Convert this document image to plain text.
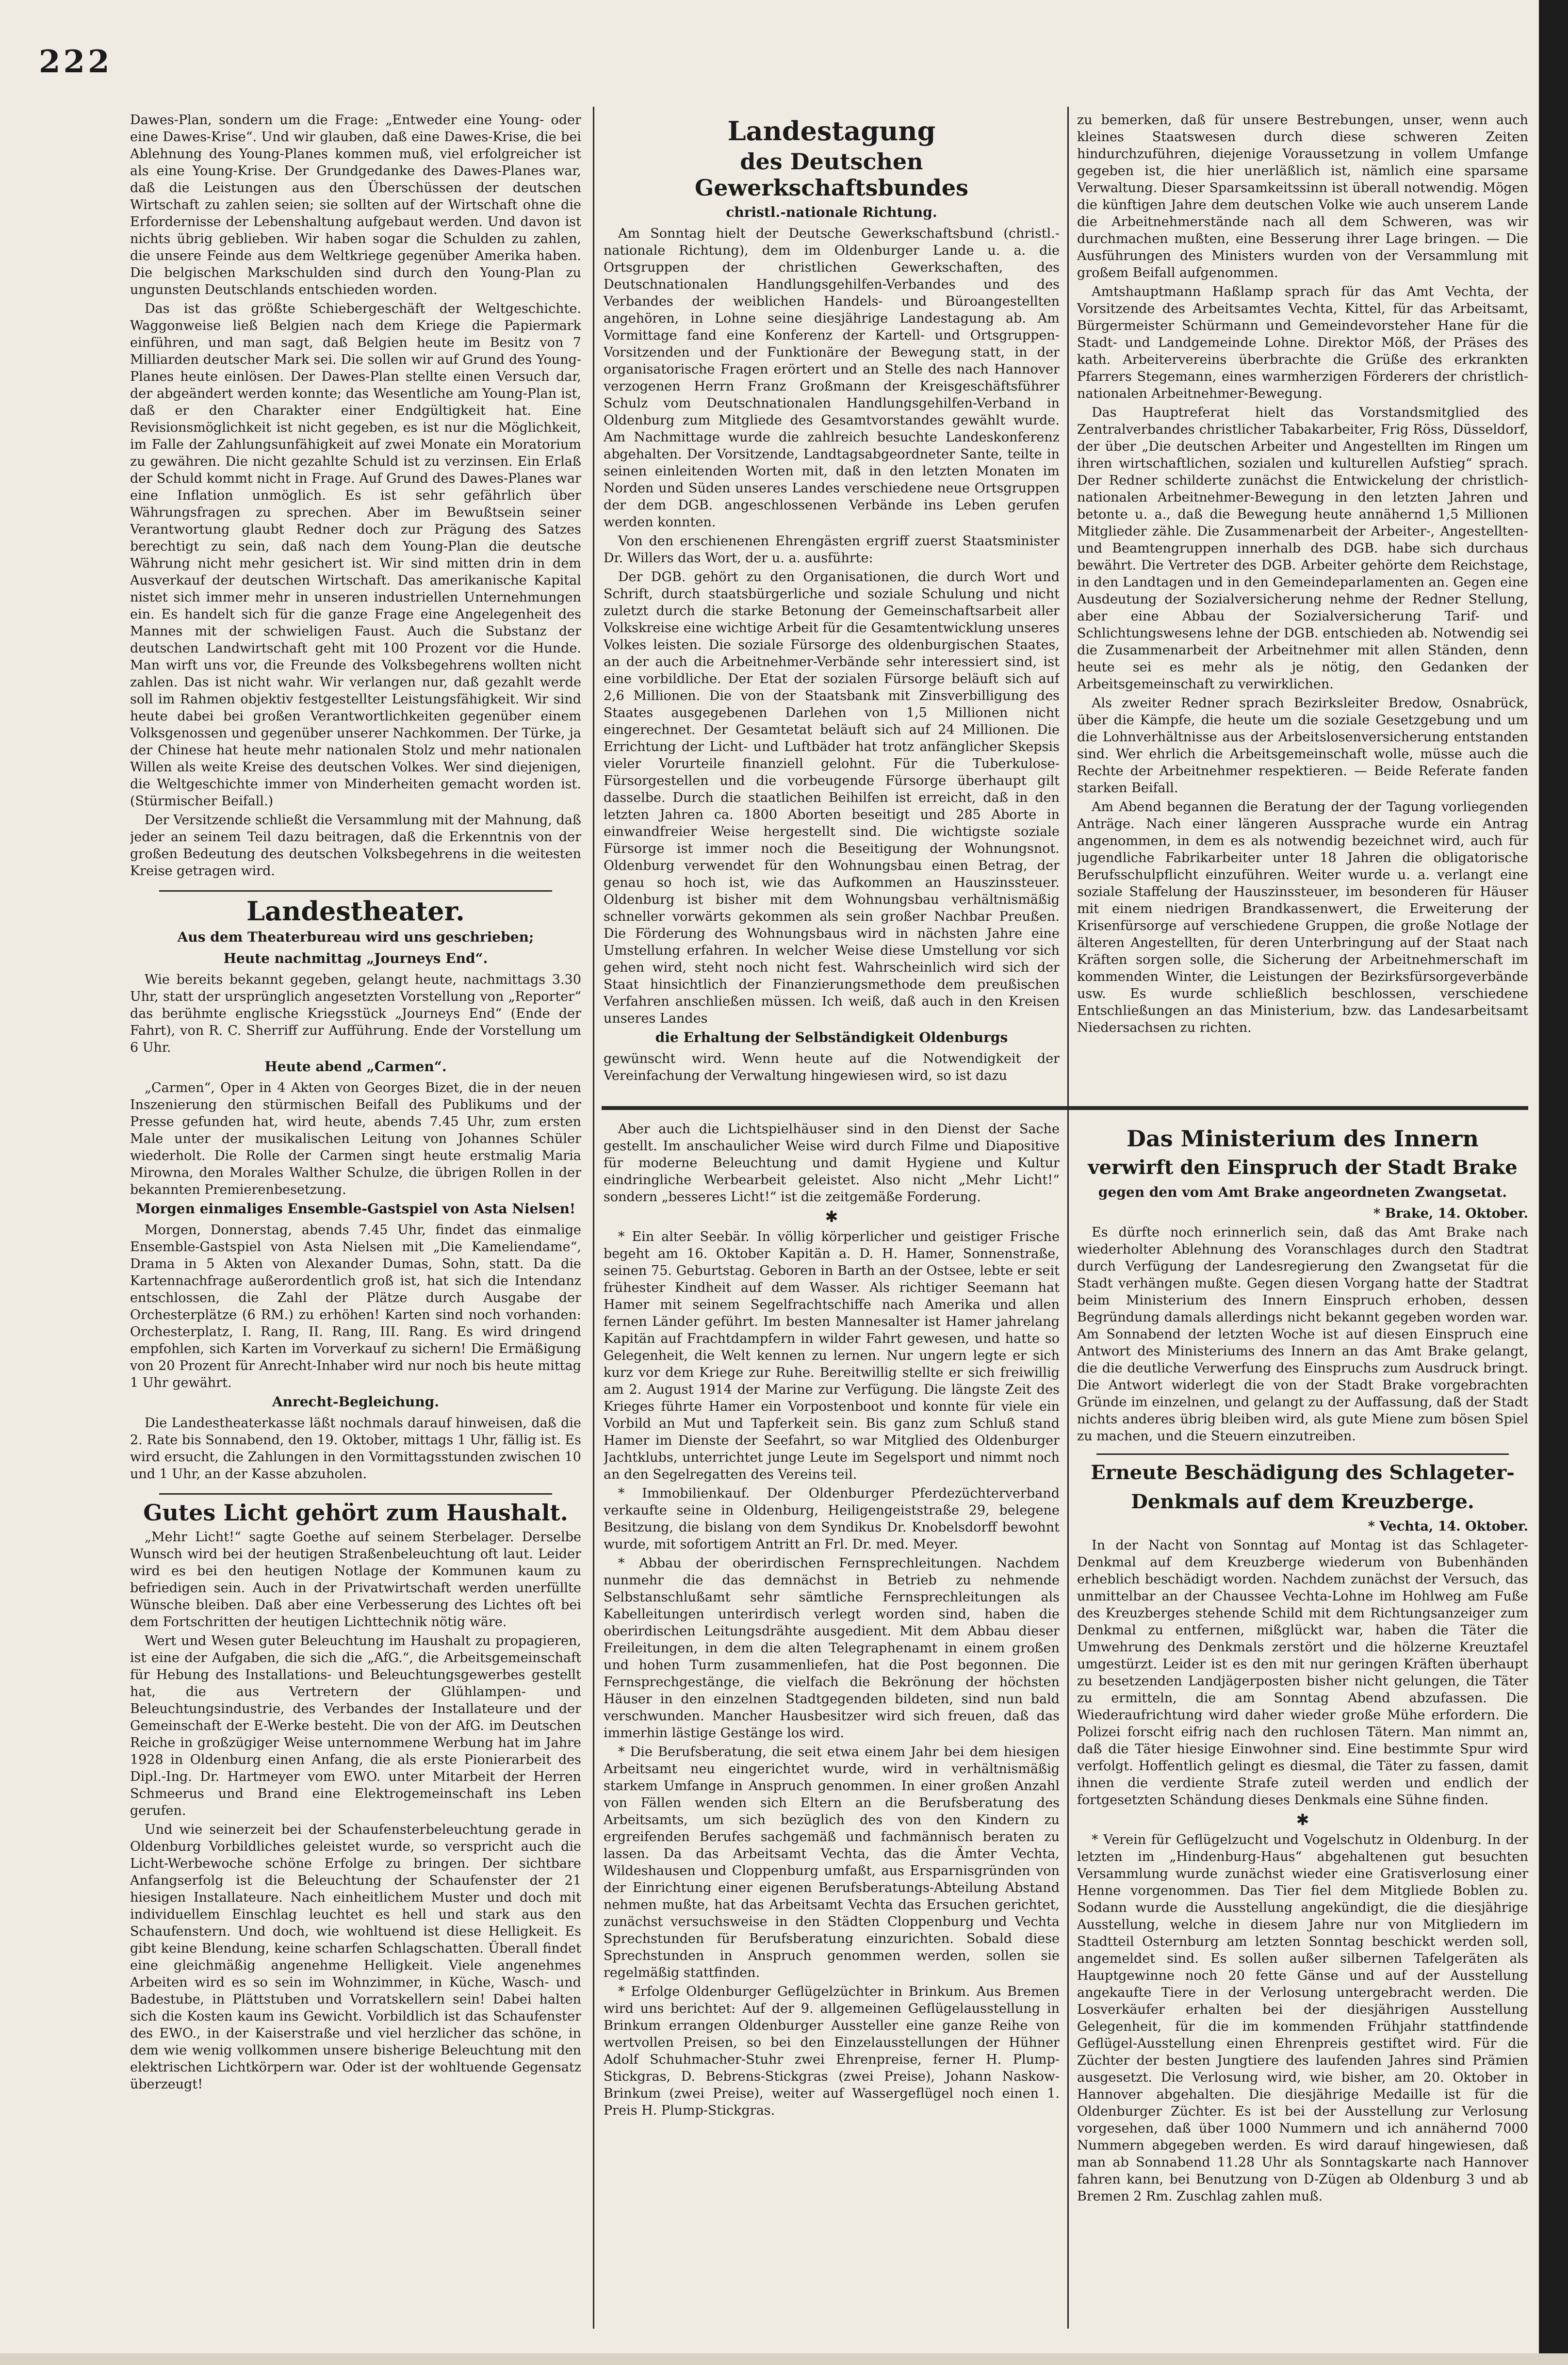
222

Dawes-Plan, sondern um die Frage: „Entweder eine Young- oder eine Dawes-Krise“. Und wir glauben, daß eine Dawes-Krise, die bei Ablehnung des Young-Planes kommen muß, viel erfolgreicher ist als eine Young-Krise. Der Grundgedanke des Dawes-Planes war, daß die Leistungen aus den Überschüssen der deutschen Wirtschaft zu zahlen seien; sie sollten auf der Wirtschaft ohne die Erfordernisse der Lebenshaltung aufgebaut werden. Und davon ist nichts übrig geblieben. Wir haben sogar die Schulden zu zahlen, die unsere Feinde aus dem Weltkriege gegenüber Amerika haben. Die belgischen Markschulden sind durch den Young-Plan zu ungunsten Deutschlands entschieden worden.

Das ist das größte Schiebergeschäft der Weltgeschichte. Waggonweise ließ Belgien nach dem Kriege die Papiermark einführen, und man sagt, daß Belgien heute im Besitz von 7 Milliarden deutscher Mark sei. Die sollen wir auf Grund des Young-Planes heute einlösen. Der Dawes-Plan stellte einen Versuch dar, der abgeändert werden konnte; das Wesentliche am Young-Plan ist, daß er den Charakter einer Endgültigkeit hat. Eine Revisionsmöglichkeit ist nicht gegeben, es ist nur die Möglichkeit, im Falle der Zahlungsunfähigkeit auf zwei Monate ein Moratorium zu gewähren. Die nicht gezahlte Schuld ist zu verzinsen. Ein Erlaß der Schuld kommt nicht in Frage. Auf Grund des Dawes-Planes war eine Inflation unmöglich. Es ist sehr gefährlich über Währungsfragen zu sprechen. Aber im Bewußtsein seiner Verantwortung glaubt Redner doch zur Prägung des Satzes berechtigt zu sein, daß nach dem Young-Plan die deutsche Währung nicht mehr gesichert ist. Wir sind mitten drin in dem Ausverkauf der deutschen Wirtschaft. Das amerikanische Kapital nistet sich immer mehr in unseren industriellen Unternehmungen ein. Es handelt sich für die ganze Frage eine Angelegenheit des Mannes mit der schwieligen Faust. Auch die Substanz der deutschen Landwirtschaft geht mit 100 Prozent vor die Hunde. Man wirft uns vor, die Freunde des Volksbegehrens wollten nicht zahlen. Das ist nicht wahr. Wir verlangen nur, daß gezahlt werde soll im Rahmen objektiv festgestellter Leistungsfähigkeit. Wir sind heute dabei bei großen Verantwortlichkeiten gegenüber einem Volksgenossen und gegenüber unserer Nachkommen. Der Türke, ja der Chinese hat heute mehr nationalen Stolz und mehr nationalen Willen als weite Kreise des deutschen Volkes. Wer sind diejenigen, die Weltgeschichte immer von Minderheiten gemacht worden ist. (Stürmischer Beifall.)

Der Versitzende schließt die Versammlung mit der Mahnung, daß jeder an seinem Teil dazu beitragen, daß die Erkenntnis von der großen Bedeutung des deutschen Volksbegehrens in die weitesten Kreise getragen wird.

Landestheater.
Aus dem Theaterbureau wird uns geschrieben;
Heute nachmittag „Journeys End“.

Wie bereits bekannt gegeben, gelangt heute, nachmittags 3.30 Uhr, statt der ursprünglich angesetzten Vorstellung von „Reporter“ das berühmte englische Kriegsstück „Journeys End“ (Ende der Fahrt), von R. C. Sherriff zur Aufführung. Ende der Vorstellung um 6 Uhr.

Heute abend „Carmen“.

„Carmen“, Oper in 4 Akten von Georges Bizet, die in der neuen Inszenierung den stürmischen Beifall des Publikums und der Presse gefunden hat, wird heute, abends 7.45 Uhr, zum ersten Male unter der musikalischen Leitung von Johannes Schüler wiederholt. Die Rolle der Carmen singt heute erstmalig Maria Mirowna, den Morales Walther Schulze, die übrigen Rollen in der bekannten Premierenbesetzung.

Morgen einmaliges Ensemble-Gastspiel von Asta Nielsen!

Morgen, Donnerstag, abends 7.45 Uhr, findet das einmalige Ensemble-Gastspiel von Asta Nielsen mit „Die Kameliendame“, Drama in 5 Akten von Alexander Dumas, Sohn, statt. Da die Kartennachfrage außerordentlich groß ist, hat sich die Intendanz entschlossen, die Zahl der Plätze durch Ausgabe der Orchesterplätze (6 RM.) zu erhöhen! Karten sind noch vorhanden: Orchesterplatz, I. Rang, II. Rang, III. Rang. Es wird dringend empfohlen, sich Karten im Vorverkauf zu sichern! Die Ermäßigung von 20 Prozent für Anrecht-Inhaber wird nur noch bis heute mittag 1 Uhr gewährt.

Anrecht-Begleichung.

Die Landestheaterkasse läßt nochmals darauf hinweisen, daß die 2. Rate bis Sonnabend, den 19. Oktober, mittags 1 Uhr, fällig ist. Es wird ersucht, die Zahlungen in den Vormittagsstunden zwischen 10 und 1 Uhr, an der Kasse abzuholen.

Gutes Licht gehört zum Haushalt.

„Mehr Licht!“ sagte Goethe auf seinem Sterbelager. Derselbe Wunsch wird bei der heutigen Straßenbeleuchtung oft laut. Leider wird es bei den heutigen Notlage der Kommunen kaum zu befriedigen sein. Auch in der Privatwirtschaft werden unerfüllte Wünsche bleiben. Daß aber eine Verbesserung des Lichtes oft bei dem Fortschritten der heutigen Lichttechnik nötig wäre.

Wert und Wesen guter Beleuchtung im Haushalt zu propagieren, ist eine der Aufgaben, die sich die „AfG.“, die Arbeitsgemeinschaft für Hebung des Installations- und Beleuchtungsgewerbes gestellt hat, die aus Vertretern der Glühlampen- und Beleuchtungsindustrie, des Verbandes der Installateure und der Gemeinschaft der E-Werke besteht. Die von der AfG. im Deutschen Reiche in großzügiger Weise unternommene Werbung hat im Jahre 1928 in Oldenburg einen Anfang, die als erste Pionierarbeit des Dipl.-Ing. Dr. Hartmeyer vom EWO. unter Mitarbeit der Herren Schmeerus und Brand eine Elektrogemeinschaft ins Leben gerufen.

Und wie seinerzeit bei der Schaufensterbeleuchtung gerade in Oldenburg Vorbildliches geleistet wurde, so verspricht auch die Licht-Werbewoche schöne Erfolge zu bringen. Der sichtbare Anfangserfolg ist die Beleuchtung der Schaufenster der 21 hiesigen Installateure. Nach einheitlichem Muster und doch mit individuellem Einschlag leuchtet es hell und stark aus den Schaufenstern. Und doch, wie wohltuend ist diese Helligkeit. Es gibt keine Blendung, keine scharfen Schlagschatten. Überall findet eine gleichmäßig angenehme Helligkeit. Viele angenehmes Arbeiten wird es so sein im Wohnzimmer, in Küche, Wasch- und Badestube, in Plättstuben und Vorratskellern sein! Dabei halten sich die Kosten kaum ins Gewicht. Vorbildlich ist das Schaufenster des EWO., in der Kaiserstraße und viel herzlicher das schöne, in dem wie wenig vollkommen unsere bisherige Beleuchtung mit den elektrischen Lichtkörpern war. Oder ist der wohltuende Gegensatz überzeugt!

Landestagung
des Deutschen Gewerkschaftsbundes
christl.-nationale Richtung.

Am Sonntag hielt der Deutsche Gewerkschaftsbund (christl.-nationale Richtung), dem im Oldenburger Lande u. a. die Ortsgruppen der christlichen Gewerkschaften, des Deutschnationalen Handlungsgehilfen-Verbandes und des Verbandes der weiblichen Handels- und Büroangestellten angehören, in Lohne seine diesjährige Landestagung ab. Am Vormittage fand eine Konferenz der Kartell- und Ortsgruppen-Vorsitzenden und der Funktionäre der Bewegung statt, in der organisatorische Fragen erörtert und an Stelle des nach Hannover verzogenen Herrn Franz Großmann der Kreisgeschäftsführer Schulz vom Deutschnationalen Handlungsgehilfen-Verband in Oldenburg zum Mitgliede des Gesamtvorstandes gewählt wurde. Am Nachmittage wurde die zahlreich besuchte Landeskonferenz abgehalten. Der Vorsitzende, Landtagsabgeordneter Sante, teilte in seinen einleitenden Worten mit, daß in den letzten Monaten im Norden und Süden unseres Landes verschiedene neue Ortsgruppen der dem DGB. angeschlossenen Verbände ins Leben gerufen werden konnten.

Von den erschienenen Ehrengästen ergriff zuerst Staatsminister Dr. Willers das Wort, der u. a. ausführte:

Der DGB. gehört zu den Organisationen, die durch Wort und Schrift, durch staatsbürgerliche und soziale Schulung und nicht zuletzt durch die starke Betonung der Gemeinschaftsarbeit aller Volkskreise eine wichtige Arbeit für die Gesamtentwicklung unseres Volkes leisten. Die soziale Fürsorge des oldenburgischen Staates, an der auch die Arbeitnehmer-Verbände sehr interessiert sind, ist eine vorbildliche. Der Etat der sozialen Fürsorge beläuft sich auf 2,6 Millionen. Die von der Staatsbank mit Zinsverbilligung des Staates ausgegebenen Darlehen von 1,5 Millionen nicht eingerechnet. Der Gesamtetat beläuft sich auf 24 Millionen. Die Errichtung der Licht- und Luftbäder hat trotz anfänglicher Skepsis vieler Vorurteile finanziell gelohnt. Für die Tuberkulose-Fürsorgestellen und die vorbeugende Fürsorge überhaupt gilt dasselbe. Durch die staatlichen Beihilfen ist erreicht, daß in den letzten Jahren ca. 1800 Aborten beseitigt und 285 Aborte in einwandfreier Weise hergestellt sind. Die wichtigste soziale Fürsorge ist immer noch die Beseitigung der Wohnungsnot. Oldenburg verwendet für den Wohnungsbau einen Betrag, der genau so hoch ist, wie das Aufkommen an Hauszinssteuer. Oldenburg ist bisher mit dem Wohnungsbau verhältnismäßig schneller vorwärts gekommen als sein großer Nachbar Preußen. Die Förderung des Wohnungsbaus wird in nächsten Jahre eine Umstellung erfahren. In welcher Weise diese Umstellung vor sich gehen wird, steht noch nicht fest. Wahrscheinlich wird sich der Staat hinsichtlich der Finanzierungsmethode dem preußischen Verfahren anschließen müssen. Ich weiß, daß auch in den Kreisen unseres Landes

die Erhaltung der Selbständigkeit Oldenburgs

gewünscht wird. Wenn heute auf die Notwendigkeit der Vereinfachung der Verwaltung hingewiesen wird, so ist dazu

zu bemerken, daß für unsere Bestrebungen, unser, wenn auch kleines Staatswesen durch diese schweren Zeiten hindurchzuführen, diejenige Voraussetzung in vollem Umfange gegeben ist, die hier unerläßlich ist, nämlich eine sparsame Verwaltung. Dieser Sparsamkeitssinn ist überall notwendig. Mögen die künftigen Jahre dem deutschen Volke wie auch unserem Lande die Arbeitnehmerstände nach all dem Schweren, was wir durchmachen mußten, eine Besserung ihrer Lage bringen. — Die Ausführungen des Ministers wurden von der Versammlung mit großem Beifall aufgenommen.

Amtshauptmann Haßlamp sprach für das Amt Vechta, der Vorsitzende des Arbeitsamtes Vechta, Kittel, für das Arbeitsamt, Bürgermeister Schürmann und Gemeindevorsteher Hane für die Stadt- und Landgemeinde Lohne. Direktor Möß, der Präses des kath. Arbeitervereins überbrachte die Grüße des erkrankten Pfarrers Stegemann, eines warmherzigen Förderers der christlich-nationalen Arbeitnehmer-Bewegung.

Das Hauptreferat hielt das Vorstandsmitglied des Zentralverbandes christlicher Tabakarbeiter, Frig Röss, Düsseldorf, der über „Die deutschen Arbeiter und Angestellten im Ringen um ihren wirtschaftlichen, sozialen und kulturellen Aufstieg“ sprach. Der Redner schilderte zunächst die Entwickelung der christlich-nationalen Arbeitnehmer-Bewegung in den letzten Jahren und betonte u. a., daß die Bewegung heute annähernd 1,5 Millionen Mitglieder zähle. Die Zusammenarbeit der Arbeiter-, Angestellten- und Beamtengruppen innerhalb des DGB. habe sich durchaus bewährt. Die Vertreter des DGB. Arbeiter gehörte dem Reichstage, in den Landtagen und in den Gemeindeparlamenten an. Gegen eine Ausdeutung der Sozialversicherung nehme der Redner Stellung, aber eine Abbau der Sozialversicherung Tarif- und Schlichtungswesens lehne der DGB. entschieden ab. Notwendig sei die Zusammenarbeit der Arbeitnehmer mit allen Ständen, denn heute sei es mehr als je nötig, den Gedanken der Arbeitsgemeinschaft zu verwirklichen.

Als zweiter Redner sprach Bezirksleiter Bredow, Osnabrück, über die Kämpfe, die heute um die soziale Gesetzgebung und um die Lohnverhältnisse aus der Arbeitslosenversicherung entstanden sind. Wer ehrlich die Arbeitsgemeinschaft wolle, müsse auch die Rechte der Arbeitnehmer respektieren. — Beide Referate fanden starken Beifall.

Am Abend begannen die Beratung der der Tagung vorliegenden Anträge. Nach einer längeren Aussprache wurde ein Antrag angenommen, in dem es als notwendig bezeichnet wird, auch für jugendliche Fabrikarbeiter unter 18 Jahren die obligatorische Berufsschulpflicht einzuführen. Weiter wurde u. a. verlangt eine soziale Staffelung der Hauszinssteuer, im besonderen für Häuser mit einem niedrigen Brandkassenwert, die Erweiterung der Krisenfürsorge auf verschiedene Gruppen, die große Notlage der älteren Angestellten, für deren Unterbringung auf der Staat nach Kräften sorgen solle, die Sicherung der Arbeitnehmerschaft im kommenden Winter, die Leistungen der Bezirksfürsorgeverbände usw. Es wurde schließlich beschlossen, verschiedene Entschließungen an das Ministerium, bzw. das Landesarbeitsamt Niedersachsen zu richten.

Aber auch die Lichtspielhäuser sind in den Dienst der Sache gestellt. Im anschaulicher Weise wird durch Filme und Diapositive für moderne Beleuchtung und damit Hygiene und Kultur eindringliche Werbearbeit geleistet. Also nicht „Mehr Licht!“ sondern „besseres Licht!“ ist die zeitgemäße Forderung.

✱

* Ein alter Seebär. In völlig körperlicher und geistiger Frische begeht am 16. Oktober Kapitän a. D. H. Hamer, Sonnenstraße, seinen 75. Geburtstag. Geboren in Barth an der Ostsee, lebte er seit frühester Kindheit auf dem Wasser. Als richtiger Seemann hat Hamer mit seinem Segelfrachtschiffe nach Amerika und allen fernen Länder geführt. Im besten Mannesalter ist Hamer jahrelang Kapitän auf Frachtdampfern in wilder Fahrt gewesen, und hatte so Gelegenheit, die Welt kennen zu lernen. Nur ungern legte er sich kurz vor dem Kriege zur Ruhe. Bereitwillig stellte er sich freiwillig am 2. August 1914 der Marine zur Verfügung. Die längste Zeit des Krieges führte Hamer ein Vorpostenboot und konnte für viele ein Vorbild an Mut und Tapferkeit sein. Bis ganz zum Schluß stand Hamer im Dienste der Seefahrt, so war Mitglied des Oldenburger Jachtklubs, unterrichtet junge Leute im Segelsport und nimmt noch an den Segelregatten des Vereins teil.

* Immobilienkauf. Der Oldenburger Pferdezüchterverband verkaufte seine in Oldenburg, Heiligengeiststraße 29, belegene Besitzung, die bislang von dem Syndikus Dr. Knobelsdorff bewohnt wurde, mit sofortigem Antritt an Frl. Dr. med. Meyer.

* Abbau der oberirdischen Fernsprechleitungen. Nachdem nunmehr die das demnächst in Betrieb zu nehmende Selbstanschlußamt sehr sämtliche Fernsprechleitungen als Kabelleitungen unterirdisch verlegt worden sind, haben die oberirdischen Leitungsdrähte ausgedient. Mit dem Abbau dieser Freileitungen, in dem die alten Telegraphenamt in einem großen und hohen Turm zusammenliefen, hat die Post begonnen. Die Fernsprechgestänge, die vielfach die Bekrönung der höchsten Häuser in den einzelnen Stadtgegenden bildeten, sind nun bald verschwunden. Mancher Hausbesitzer wird sich freuen, daß das immerhin lästige Gestänge los wird.

* Die Berufsberatung, die seit etwa einem Jahr bei dem hiesigen Arbeitsamt neu eingerichtet wurde, wird in verhältnismäßig starkem Umfange in Anspruch genommen. In einer großen Anzahl von Fällen wenden sich Eltern an die Berufsberatung des Arbeitsamts, um sich bezüglich des von den Kindern zu ergreifenden Berufes sachgemäß und fachmännisch beraten zu lassen. Da das Arbeitsamt Vechta, das die Ämter Vechta, Wildeshausen und Cloppenburg umfaßt, aus Ersparnisgründen von der Einrichtung einer eigenen Berufsberatungs-Abteilung Abstand nehmen mußte, hat das Arbeitsamt Vechta das Ersuchen gerichtet, zunächst versuchsweise in den Städten Cloppenburg und Vechta Sprechstunden für Berufsberatung einzurichten. Sobald diese Sprechstunden in Anspruch genommen werden, sollen sie regelmäßig stattfinden.

* Erfolge Oldenburger Geflügelzüchter in Brinkum. Aus Bremen wird uns berichtet: Auf der 9. allgemeinen Geflügelausstellung in Brinkum errangen Oldenburger Aussteller eine ganze Reihe von wertvollen Preisen, so bei den Einzelausstellungen der Hühner Adolf Schuhmacher-Stuhr zwei Ehrenpreise, ferner H. Plump-Stickgras, D. Bebrens-Stickgras (zwei Preise), Johann Naskow-Brinkum (zwei Preise), weiter auf Wassergeflügel noch einen 1. Preis H. Plump-Stickgras.

Das Ministerium des Innern
verwirft den Einspruch der Stadt Brake
gegen den vom Amt Brake angeordneten Zwangsetat.
* Brake, 14. Oktober.

Es dürfte noch erinnerlich sein, daß das Amt Brake nach wiederholter Ablehnung des Voranschlages durch den Stadtrat durch Verfügung der Landesregierung den Zwangsetat für die Stadt verhängen mußte. Gegen diesen Vorgang hatte der Stadtrat beim Ministerium des Innern Einspruch erhoben, dessen Begründung damals allerdings nicht bekannt gegeben worden war. Am Sonnabend der letzten Woche ist auf diesen Einspruch eine Antwort des Ministeriums des Innern an das Amt Brake gelangt, die die deutliche Verwerfung des Einspruchs zum Ausdruck bringt. Die Antwort widerlegt die von der Stadt Brake vorgebrachten Gründe im einzelnen, und gelangt zu der Auffassung, daß der Stadt nichts anderes übrig bleiben wird, als gute Miene zum bösen Spiel zu machen, und die Steuern einzutreiben.

Erneute Beschädigung des Schlageter-
Denkmals auf dem Kreuzberge.
* Vechta, 14. Oktober.

In der Nacht von Sonntag auf Montag ist das Schlageter-Denkmal auf dem Kreuzberge wiederum von Bubenhänden erheblich beschädigt worden. Nachdem zunächst der Versuch, das unmittelbar an der Chaussee Vechta-Lohne im Hohlweg am Fuße des Kreuzberges stehende Schild mit dem Richtungsanzeiger zum Denkmal zu entfernen, mißglückt war, haben die Täter die Umwehrung des Denkmals zerstört und die hölzerne Kreuztafel umgestürzt. Leider ist es den mit nur geringen Kräften überhaupt zu besetzenden Landjägerposten bisher nicht gelungen, die Täter zu ermitteln, die am Sonntag Abend abzufassen. Die Wiederaufrichtung wird daher wieder große Mühe erfordern. Die Polizei forscht eifrig nach den ruchlosen Tätern. Man nimmt an, daß die Täter hiesige Einwohner sind. Eine bestimmte Spur wird verfolgt. Hoffentlich gelingt es diesmal, die Täter zu fassen, damit ihnen die verdiente Strafe zuteil werden und endlich der fortgesetzten Schändung dieses Denkmals eine Sühne finden.

✱

* Verein für Geflügelzucht und Vogelschutz in Oldenburg. In der letzten im „Hindenburg-Haus“ abgehaltenen gut besuchten Versammlung wurde zunächst wieder eine Gratisverlosung einer Henne vorgenommen. Das Tier fiel dem Mitgliede Boblen zu. Sodann wurde die Ausstellung angekündigt, die die diesjährige Ausstellung, welche in diesem Jahre nur von Mitgliedern im Stadtteil Osternburg am letzten Sonntag beschickt werden soll, angemeldet sind. Es sollen außer silbernen Tafelgeräten als Hauptgewinne noch 20 fette Gänse und auf der Ausstellung angekaufte Tiere in der Verlosung untergebracht werden. Die Losverkäufer erhalten bei der diesjährigen Ausstellung Gelegenheit, für die im kommenden Frühjahr stattfindende Geflügel-Ausstellung einen Ehrenpreis gestiftet wird. Für die Züchter der besten Jungtiere des laufenden Jahres sind Prämien ausgesetzt. Die Verlosung wird, wie bisher, am 20. Oktober in Hannover abgehalten. Die diesjährige Medaille ist für die Oldenburger Züchter. Es ist bei der Ausstellung zur Verlosung vorgesehen, daß über 1000 Nummern und ich annähernd 7000 Nummern abgegeben werden. Es wird darauf hingewiesen, daß man ab Sonnabend 11.28 Uhr als Sonntagskarte nach Hannover fahren kann, bei Benutzung von D-Zügen ab Oldenburg 3 und ab Bremen 2 Rm. Zuschlag zahlen muß.
